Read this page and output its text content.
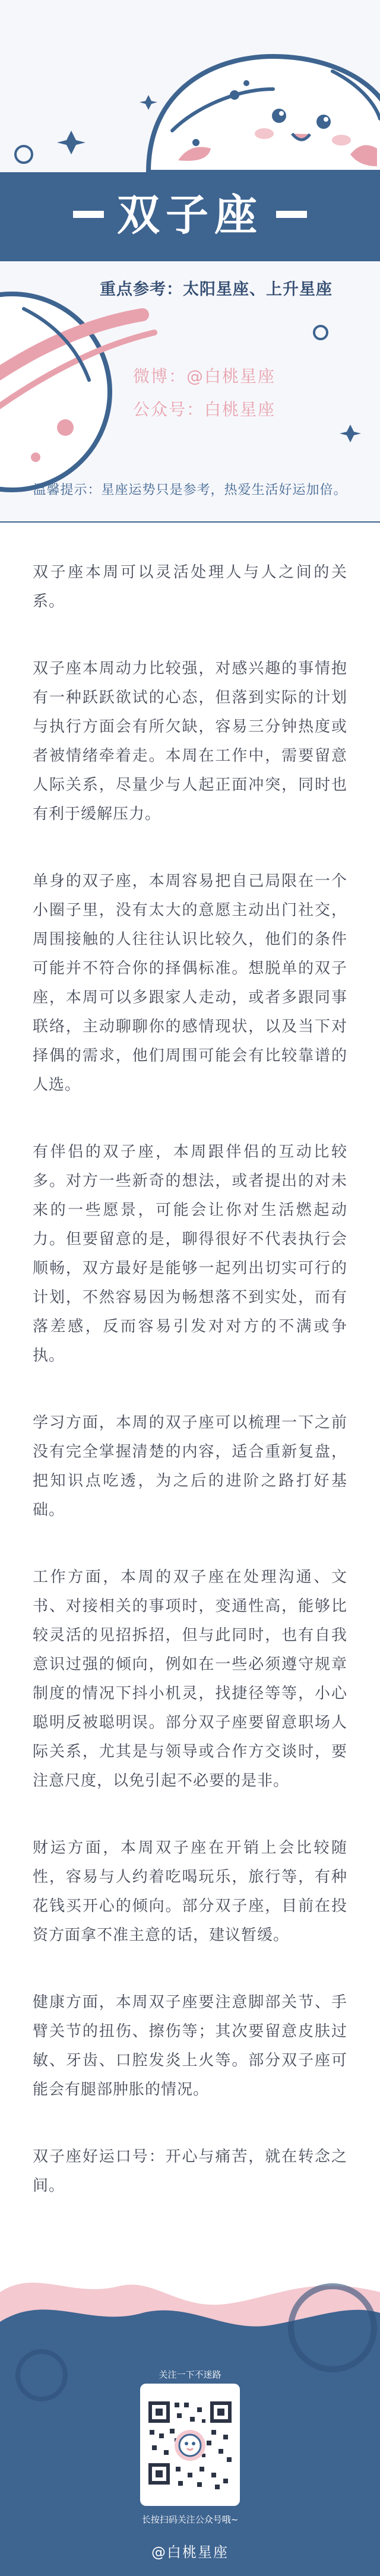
双子座
重点参考：太阳星座、上升星座
微博：@白桃星座
公众号：白桃星座
温馨提示：星座运势只是参考，热爱生活好运加倍。

双子座本周可以灵活处理人与人之间的关系。

双子座本周动力比较强，对感兴趣的事情抱有一种跃跃欲试的心态，但落到实际的计划与执行方面会有所欠缺，容易三分钟热度或者被情绪牵着走。本周在工作中，需要留意人际关系，尽量少与人起正面冲突，同时也有利于缓解压力。

单身的双子座，本周容易把自己局限在一个小圈子里，没有太大的意愿主动出门社交，周围接触的人往往认识比较久，他们的条件可能并不符合你的择偶标准。想脱单的双子座，本周可以多跟家人走动，或者多跟同事联络，主动聊聊你的感情现状，以及当下对择偶的需求，他们周围可能会有比较靠谱的人选。

有伴侣的双子座，本周跟伴侣的互动比较多。对方一些新奇的想法，或者提出的对未来的一些愿景，可能会让你对生活燃起动力。但要留意的是，聊得很好不代表执行会顺畅，双方最好是能够一起列出切实可行的计划，不然容易因为畅想落不到实处，而有落差感，反而容易引发对对方的不满或争执。

学习方面，本周的双子座可以梳理一下之前没有完全掌握清楚的内容，适合重新复盘，把知识点吃透，为之后的进阶之路打好基础。

工作方面，本周的双子座在处理沟通、文书、对接相关的事项时，变通性高，能够比较灵活的见招拆招，但与此同时，也有自我意识过强的倾向，例如在一些必须遵守规章制度的情况下抖小机灵，找捷径等等，小心聪明反被聪明误。部分双子座要留意职场人际关系，尤其是与领导或合作方交谈时，要注意尺度，以免引起不必要的是非。

财运方面，本周双子座在开销上会比较随性，容易与人约着吃喝玩乐，旅行等，有种花钱买开心的倾向。部分双子座，目前在投资方面拿不准主意的话，建议暂缓。

健康方面，本周双子座要注意脚部关节、手臂关节的扭伤、擦伤等；其次要留意皮肤过敏、牙齿、口腔发炎上火等。部分双子座可能会有腿部肿胀的情况。

双子座好运口号：开心与痛苦，就在转念之间。

关注一下不迷路
长按扫码关注公众号哦~
@白桃星座
